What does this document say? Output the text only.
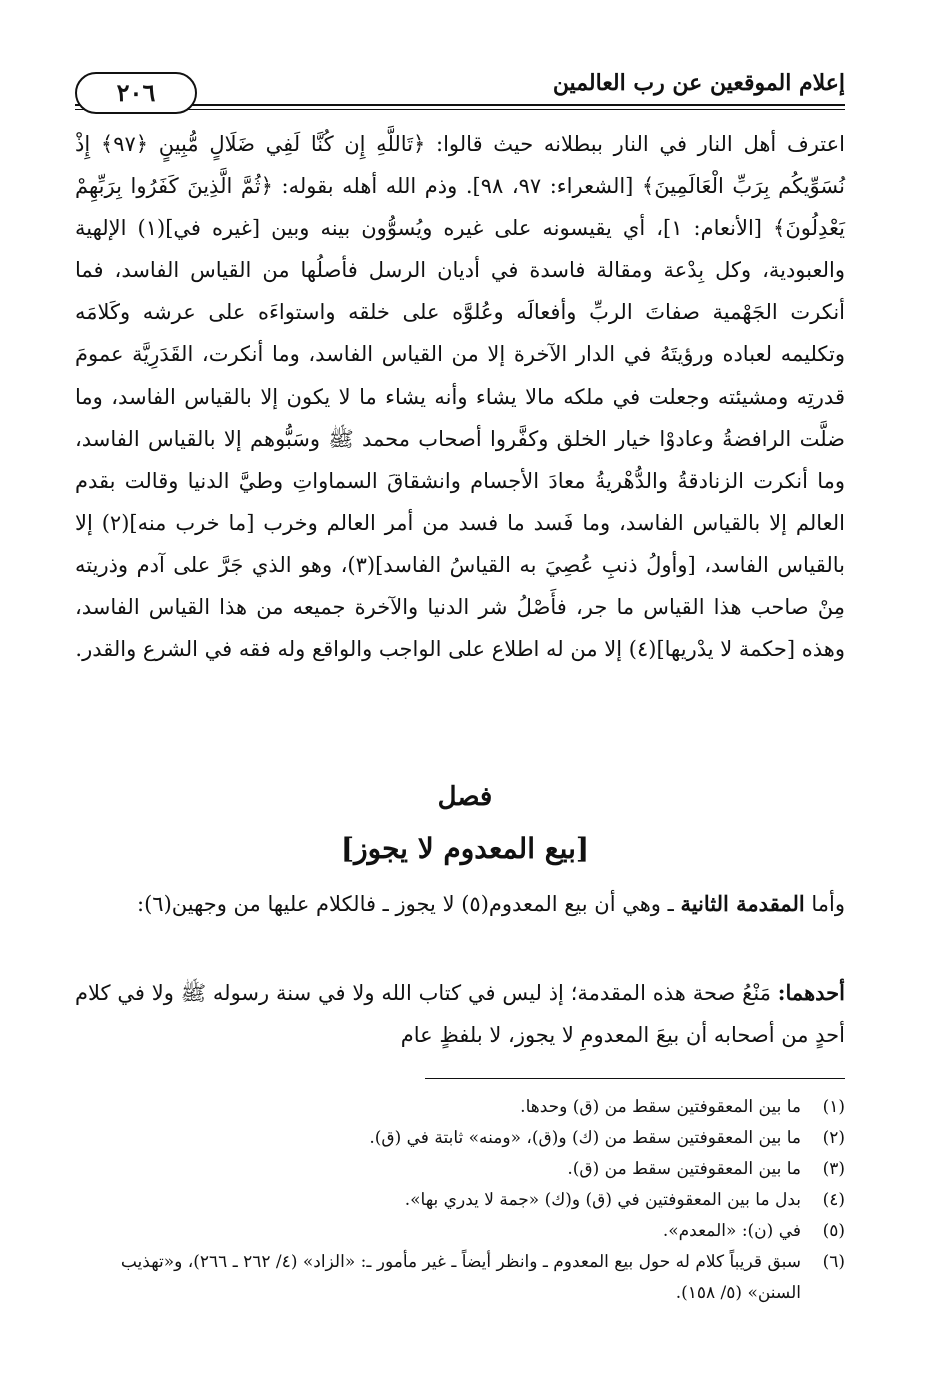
٢٠٦	إعلام الموقعين عن رب العالمين

اعترف أهل النار في النار ببطلانه حيث قالوا: ﴿تَاللَّهِ إِن كُنَّا لَفِي ضَلَالٍ مُّبِينٍ ﴿٩٧﴾ إِذْ نُسَوِّيكُم بِرَبِّ الْعَالَمِينَ﴾ [الشعراء: ٩٧، ٩٨]. وذم الله أهله بقوله: ﴿ثُمَّ الَّذِينَ كَفَرُوا بِرَبِّهِمْ يَعْدِلُونَ﴾ [الأنعام: ١]، أي يقيسونه على غيره ويُسوُّون بينه وبين [غيره في](١) الإلهية والعبودية، وكل بِدْعة ومقالة فاسدة في أديان الرسل فأصلُها من القياس الفاسد، فما أنكرت الجَهْمية صفاتَ الربِّ وأفعالَه وعُلوَّه على خلقه واستواءَه على عرشه وكَلامَه وتكليمه لعباده ورؤيتَهُ في الدار الآخرة إلا من القياس الفاسد، وما أنكرت، القَدَرِيَّة عمومَ قدرتِه ومشيئته وجعلت في ملكه مالا يشاء وأنه يشاء ما لا يكون إلا بالقياس الفاسد، وما ضلَّت الرافضةُ وعادوْا خيار الخلق وكفَّروا أصحاب محمد ﷺ وسَبُّوهم إلا بالقياس الفاسد، وما أنكرت الزنادقةُ والدُّهْريةُ معادَ الأجسام وانشقاقَ السماواتِ وطيَّ الدنيا وقالت بقدم العالم إلا بالقياس الفاسد، وما فَسد ما فسد من أمر العالم وخرب [ما خرب منه](٢) إلا بالقياس الفاسد، [وأولُ ذنبِ عُصِيَ به القياسُ الفاسد](٣)، وهو الذي جَرَّ على آدم وذريته مِنْ صاحب هذا القياس ما جر، فأَصْلُ شر الدنيا والآخرة جميعه من هذا القياس الفاسد، وهذه [حكمة لا يدْريها](٤) إلا من له اطلاع على الواجب والواقع وله فقه في الشرع والقدر.

فصل
[بيع المعدوم لا يجوز]

وأما المقدمة الثانية ـ وهي أن بيع المعدوم(٥) لا يجوز ـ فالكلام عليها من وجهين(٦):

أحدهما: مَنْعُ صحة هذه المقدمة؛ إذ ليس في كتاب الله ولا في سنة رسوله ﷺ ولا في كلام أحدٍ من أصحابه أن بيعَ المعدومِ لا يجوز، لا بلفظٍ عام

(١)
ما بين المعقوفتين سقط من (ق) وحدها.
(٢)
ما بين المعقوفتين سقط من (ك) و(ق)، «ومنه» ثابتة في (ق).
(٣)
ما بين المعقوفتين سقط من (ق).
(٤)
بدل ما بين المعقوفتين في (ق) و(ك) «جمة لا يدري بها».
(٥)
في (ن): «المعدم».
(٦)
سبق قريباً كلام له حول بيع المعدوم ـ وانظر أيضاً ـ غير مأمور ـ: «الزاد» (٤/ ٢٦٢ ـ ٢٦٦)، و«تهذيب السنن» (٥/ ١٥٨).
